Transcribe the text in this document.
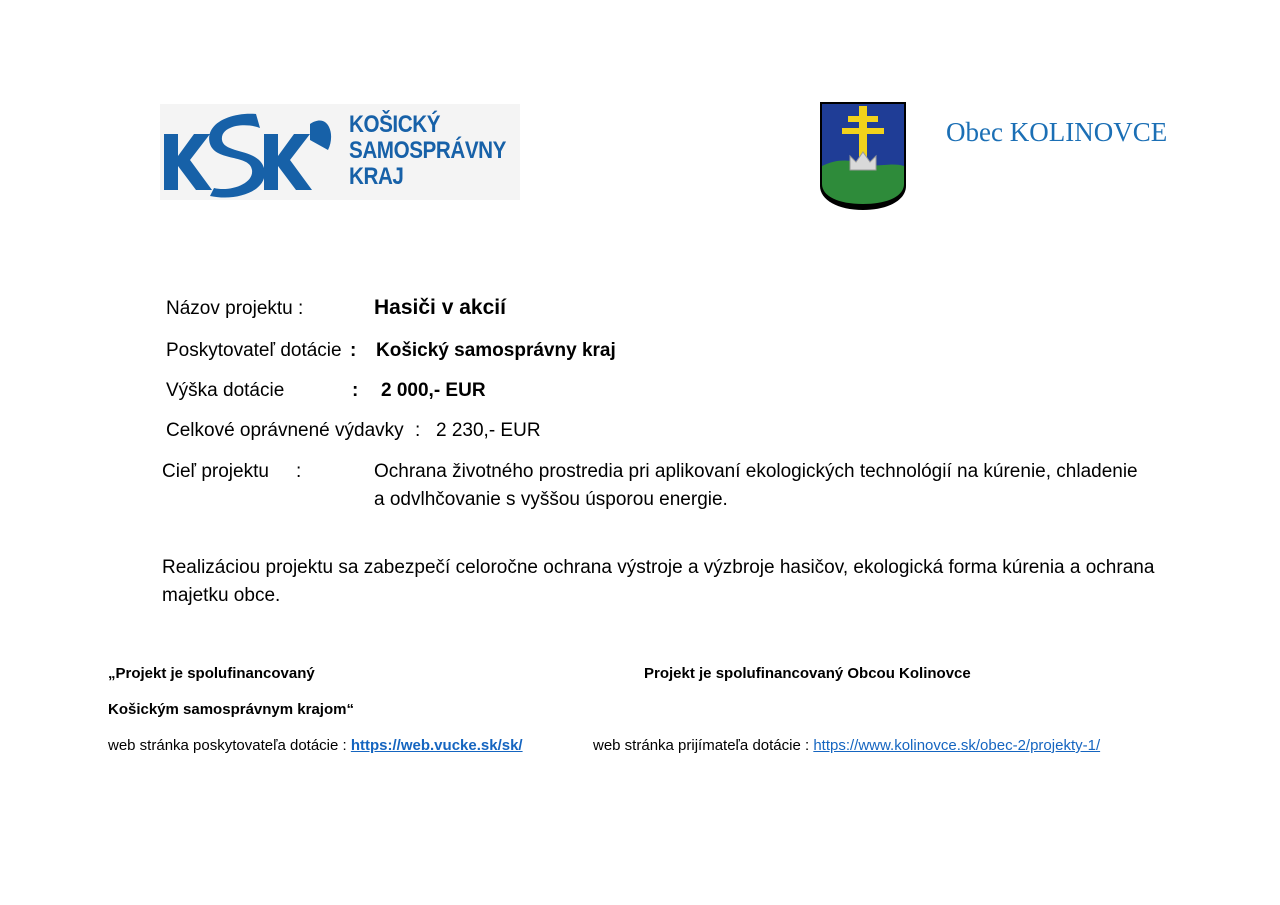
KOŠICKÝ
SAMOSPRÁVNY
KRAJ
Obec KOLINOVCE
Názov projektu :	Hasiči v akcií
Poskytovateľ dotácie : Košický samosprávny kraj
Výška dotácie	: 2 000,- EUR
Celkové oprávnené výdavky : 2 230,- EUR
Cieľ projektu :	Ochrana životného prostredia pri aplikovaní ekologických technológií na kúrenie, chladenie
a odvlhčovanie s vyššou úsporou energie.
Realizáciou projektu sa zabezpečí celoročne ochrana výstroje a výzbroje hasičov, ekologická forma kúrenia a ochrana
majetku obce.
„Projekt je spolufinancovaný
Košickým samosprávnym krajom“
Projekt je spolufinancovaný Obcou Kolinovce
web stránka poskytovateľa dotácie : https://web.vucke.sk/sk/	web stránka prijímateľa dotácie : https://www.kolinovce.sk/obec-2/projekty-1/
